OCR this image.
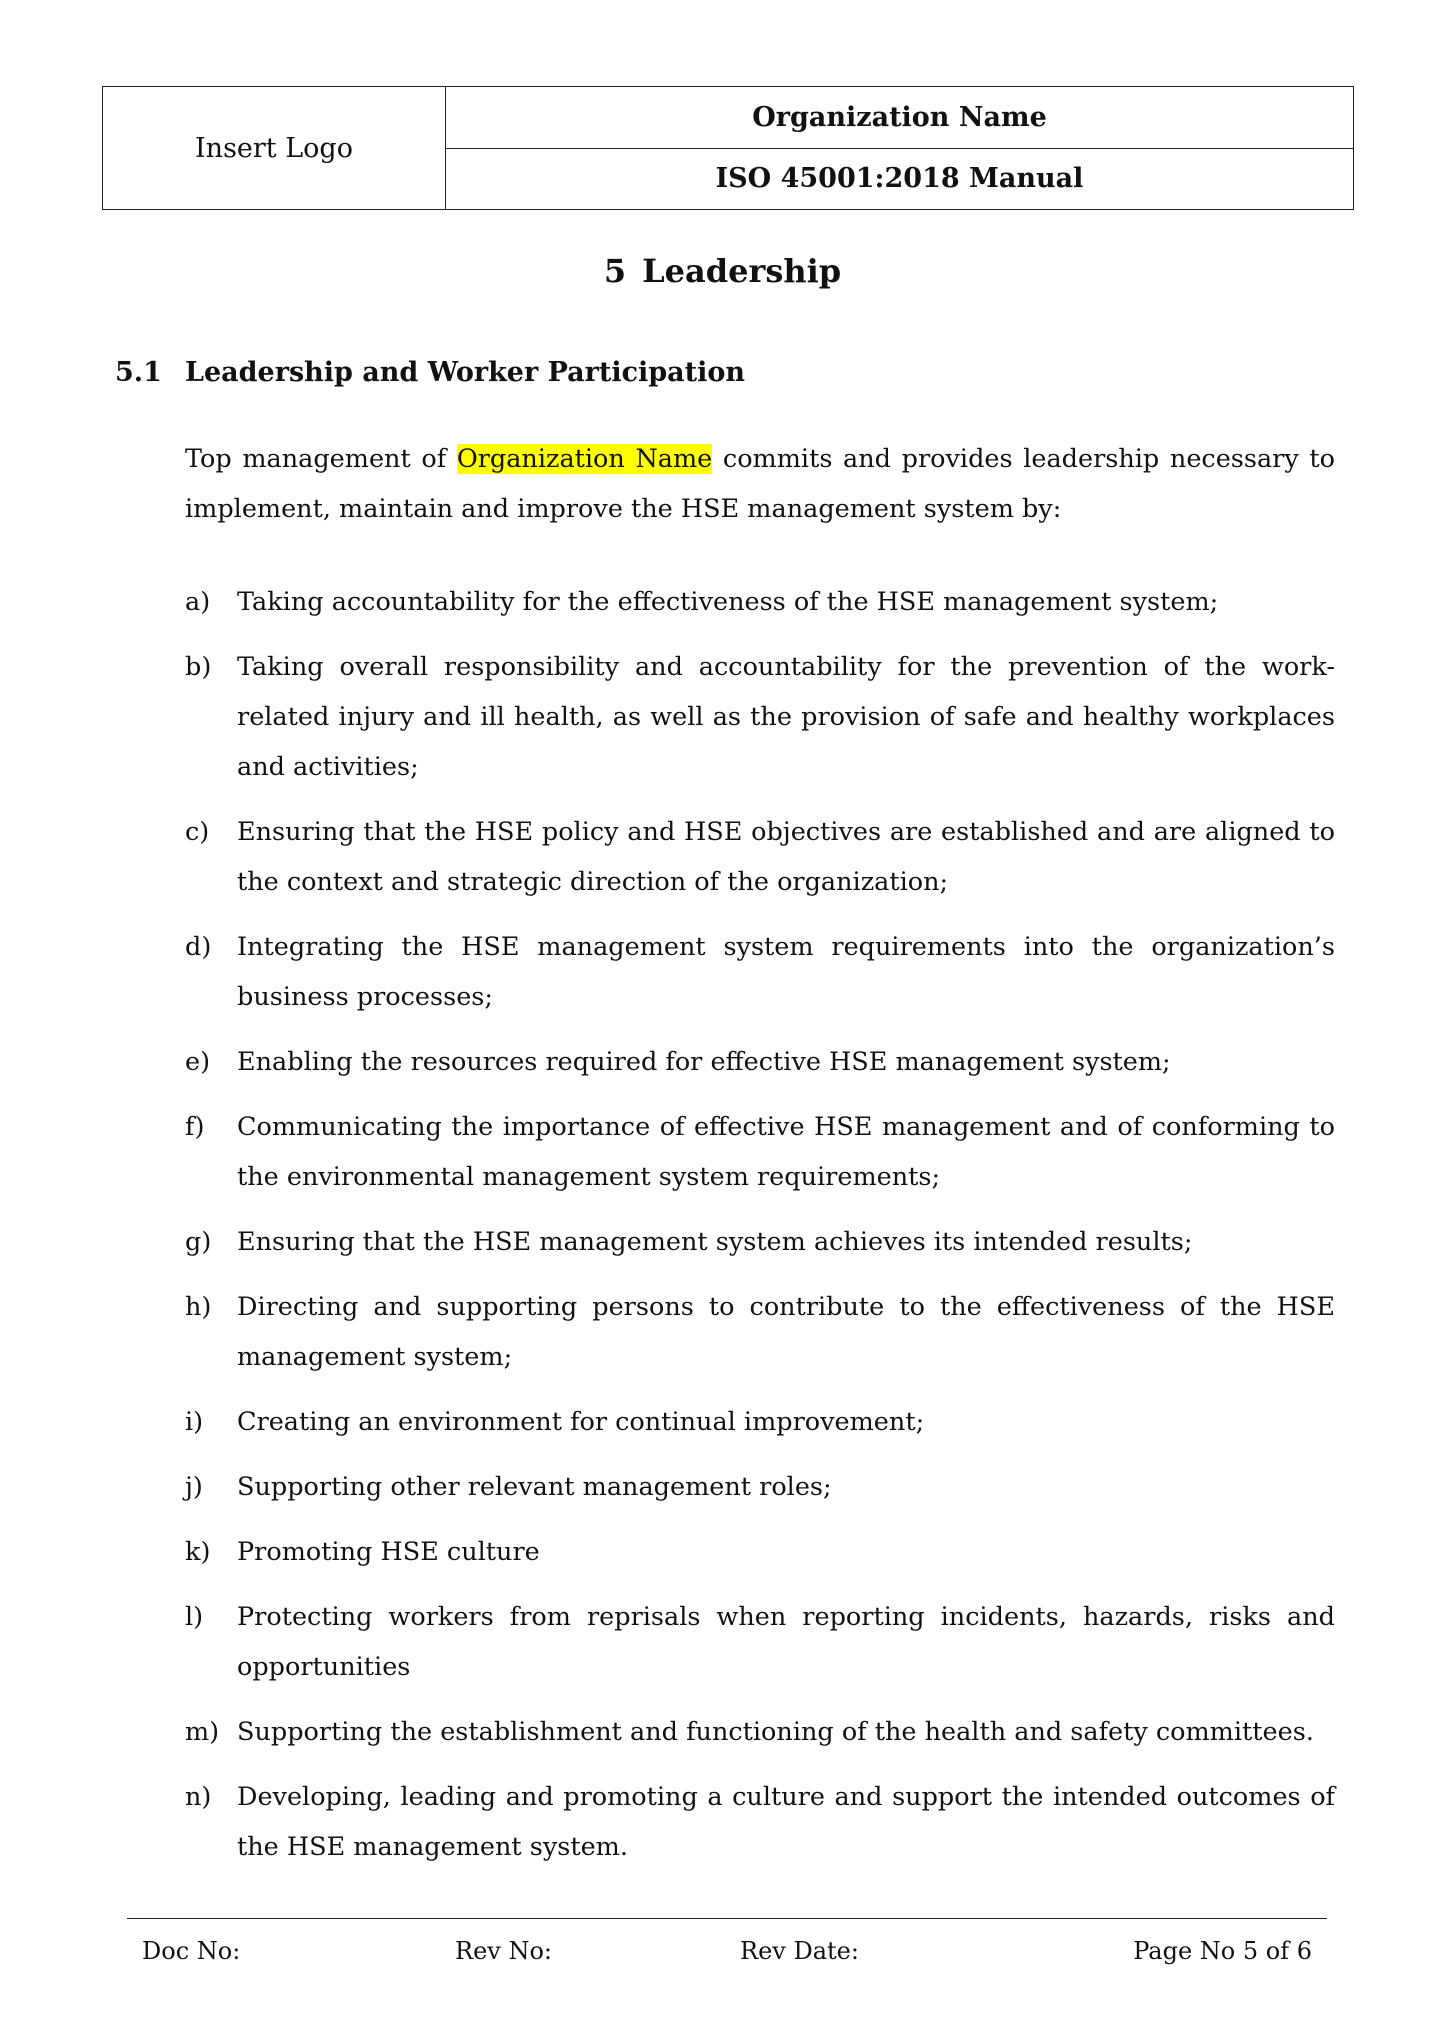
Insert Logo
Organization Name
ISO 45001:2018 Manual
5 Leadership
5.1 Leadership and Worker Participation

Top management of Organization Name commits and provides leadership necessary to implement, maintain and improve the HSE management system by:

a)	Taking accountability for the effectiveness of the HSE management system;
b)	Taking overall responsibility and accountability for the prevention of the work-related injury and ill health, as well as the provision of safe and healthy workplaces and activities;
c)	Ensuring that the HSE policy and HSE objectives are established and are aligned to the context and strategic direction of the organization;
d)	Integrating the HSE management system requirements into the organization’s business processes;
e)	Enabling the resources required for effective HSE management system;
f)	Communicating the importance of effective HSE management and of conforming to the environmental management system requirements;
g)	Ensuring that the HSE management system achieves its intended results;
h)	Directing and supporting persons to contribute to the effectiveness of the HSE management system;
i)	Creating an environment for continual improvement;
j)	Supporting other relevant management roles;
k)	Promoting HSE culture
l)	Protecting workers from reprisals when reporting incidents, hazards, risks and opportunities
m) Supporting the establishment and functioning of the health and safety committees.
n)	Developing, leading and promoting a culture and support the intended outcomes of the HSE management system.
Doc No:	Rev No:	Rev Date:	Page No 5 of 6
